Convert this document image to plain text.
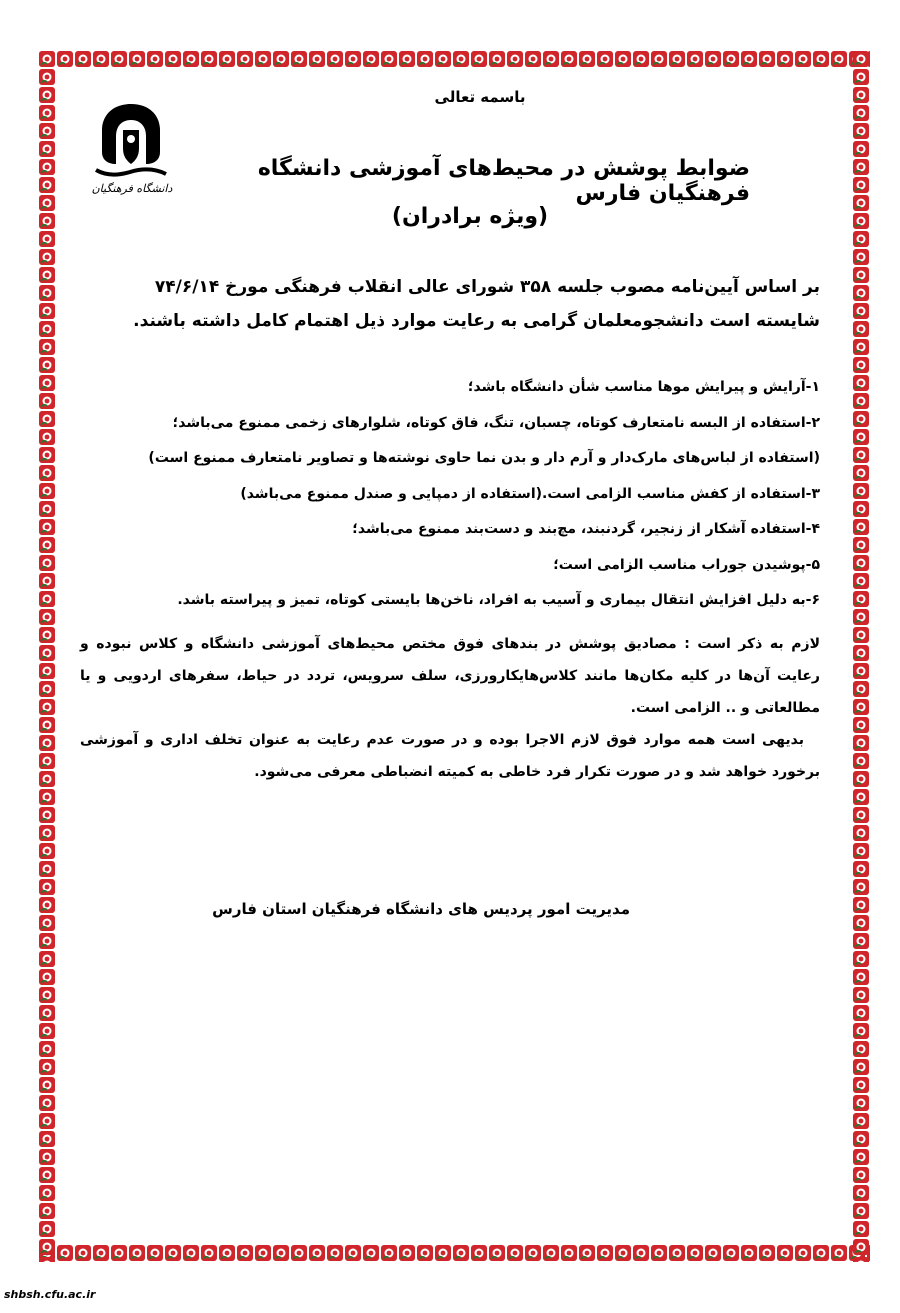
دانشگاه فرهنگیان
باسمه تعالی
ضوابط پوشش در محیط‌های آموزشی دانشگاه فرهنگیان فارس
(ویژه برادران)
بر اساس آیین‌نامه مصوب جلسه ۳۵۸ شورای عالی انقلاب فرهنگی مورخ ۷۴/۶/۱۴
شایسته است دانشجومعلمان گرامی به رعایت موارد ذیل اهتمام کامل داشته باشند.
۱-آرایش و پیرایش موها مناسب شأن دانشگاه باشد؛
۲-استفاده از البسه نامتعارف کوتاه، چسبان، تنگ، فاق کوتاه، شلوارهای زخمی ممنوع می‌باشد؛
(استفاده از لباس‌های مارک‌دار و آرم دار و بدن نما حاوی نوشته‌ها و تصاویر نامتعارف ممنوع است)
۳-استفاده از کفش مناسب الزامی است.(استفاده از دمپایی و صندل ممنوع می‌باشد)
۴-استفاده آشکار از زنجیر، گردنبند، مچ‌بند و دست‌بند ممنوع می‌باشد؛
۵-پوشیدن جوراب مناسب الزامی است؛
۶-به دلیل افزایش انتقال بیماری و آسیب به افراد، ناخن‌ها بایستی کوتاه، تمیز و پیراسته باشد.

لازم به ذکر است : مصادیق پوشش در بندهای فوق مختص محیط‌های آموزشی دانشگاه و کلاس نبوده و رعایت آن‌ها در کلیه مکان‌ها مانند کلاس‌هایکارورزی، سلف سرویس، تردد در حیاط، سفرهای اردویی و یا مطالعاتی و .. الزامی است.

بدیهی است همه موارد فوق لازم الاجرا بوده و در صورت عدم رعایت به عنوان تخلف اداری و آموزشی برخورد خواهد شد و در صورت تکرار فرد خاطی به کمیته انضباطی معرفی می‌شود.

مدیریت امور پردیس های دانشگاه فرهنگیان استان فارس
shbsh.cfu.ac.ir
